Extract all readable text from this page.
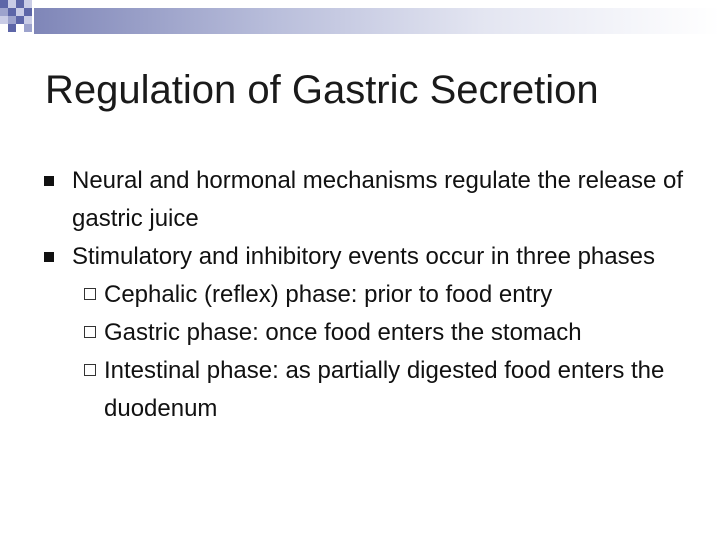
Regulation of Gastric Secretion
Neural and hormonal mechanisms regulate the release of gastric juice
Stimulatory and inhibitory events occur in three phases
Cephalic (reflex) phase: prior to food entry
Gastric phase: once food enters the stomach
Intestinal phase: as partially digested food enters the duodenum
